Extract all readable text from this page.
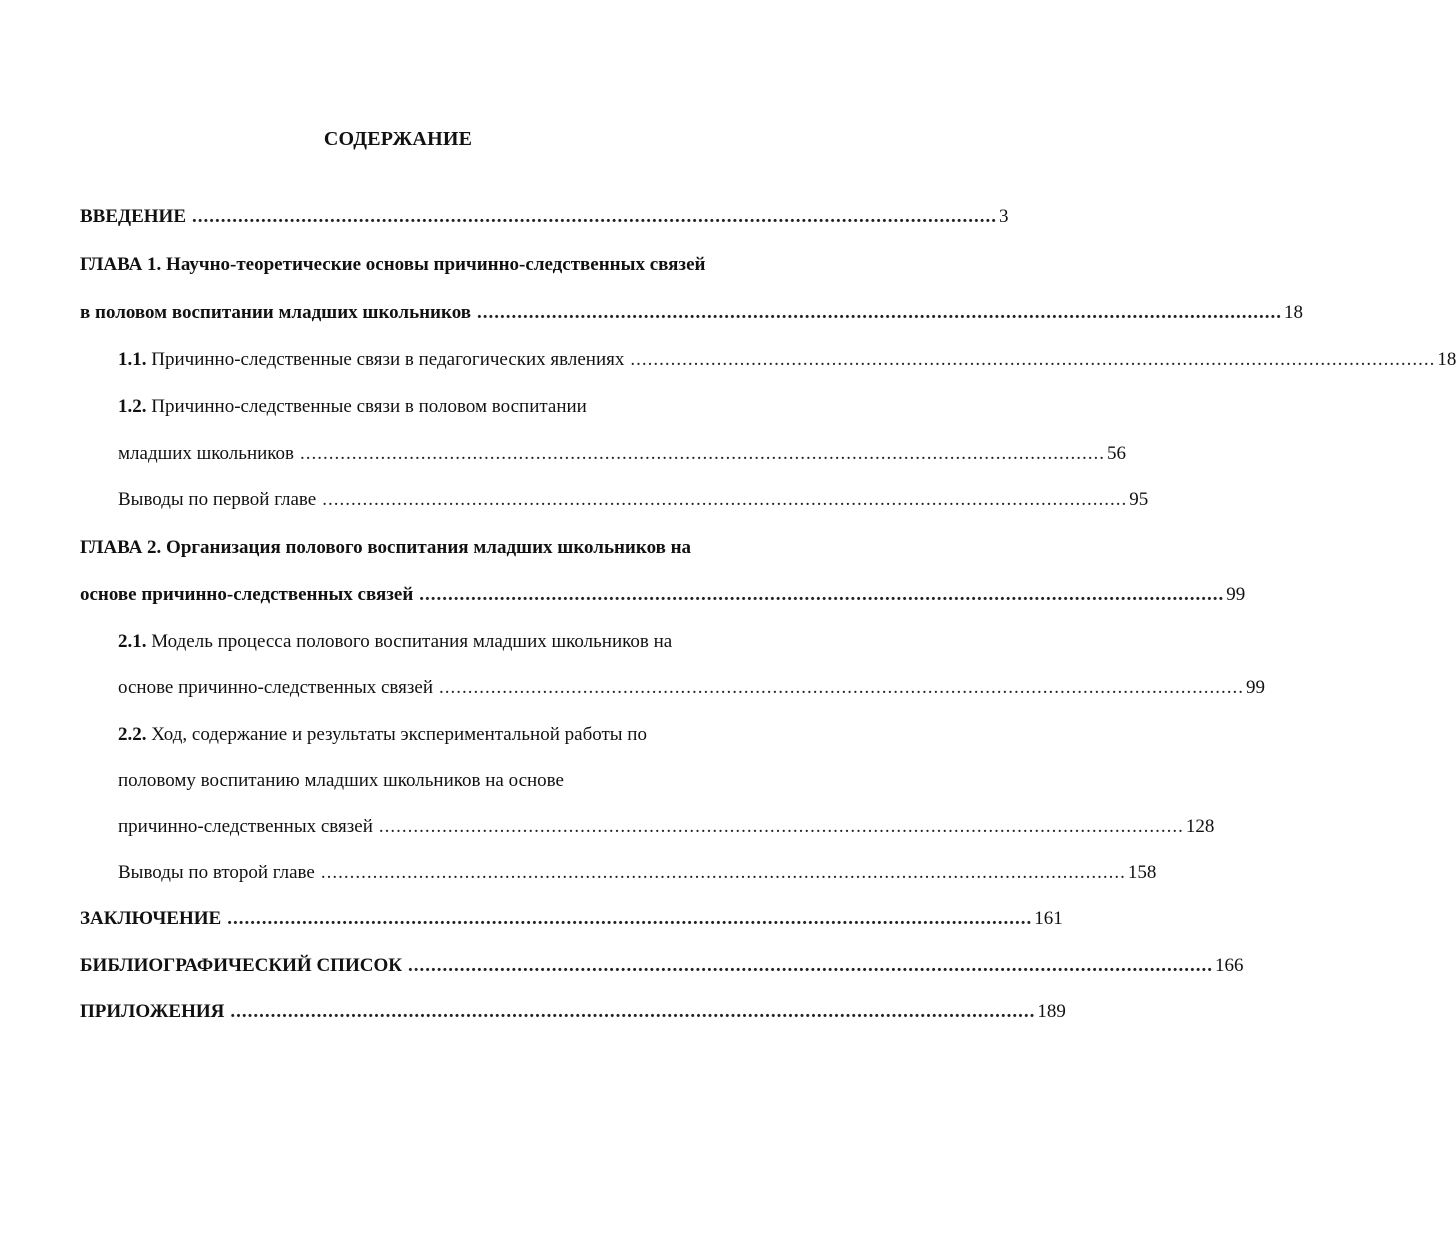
СОДЕРЖАНИЕ
ВВЕДЕНИЕ ............................................................................................................................................ 3
ГЛАВА 1. Научно-теоретические основы причинно-следственных связей
в половом воспитании младших школьников ............................................................................................................................................ 18
1.1. Причинно-следственные связи в педагогических явлениях ............................................................................................................................................ 18
1.2. Причинно-следственные связи в половом воспитании
младших школьников ............................................................................................................................................ 56
Выводы по первой главе ............................................................................................................................................ 95
ГЛАВА 2. Организация полового воспитания младших школьников на
основе причинно-следственных связей ............................................................................................................................................ 99
2.1. Модель процесса полового воспитания младших школьников на
основе причинно-следственных связей ............................................................................................................................................ 99
2.2. Ход, содержание и результаты экспериментальной работы по
половому воспитанию младших школьников на основе
причинно-следственных связей ............................................................................................................................................ 128
Выводы по второй главе ............................................................................................................................................ 158
ЗАКЛЮЧЕНИЕ ............................................................................................................................................ 161
БИБЛИОГРАФИЧЕСКИЙ СПИСОК ............................................................................................................................................ 166
ПРИЛОЖЕНИЯ ............................................................................................................................................ 189
